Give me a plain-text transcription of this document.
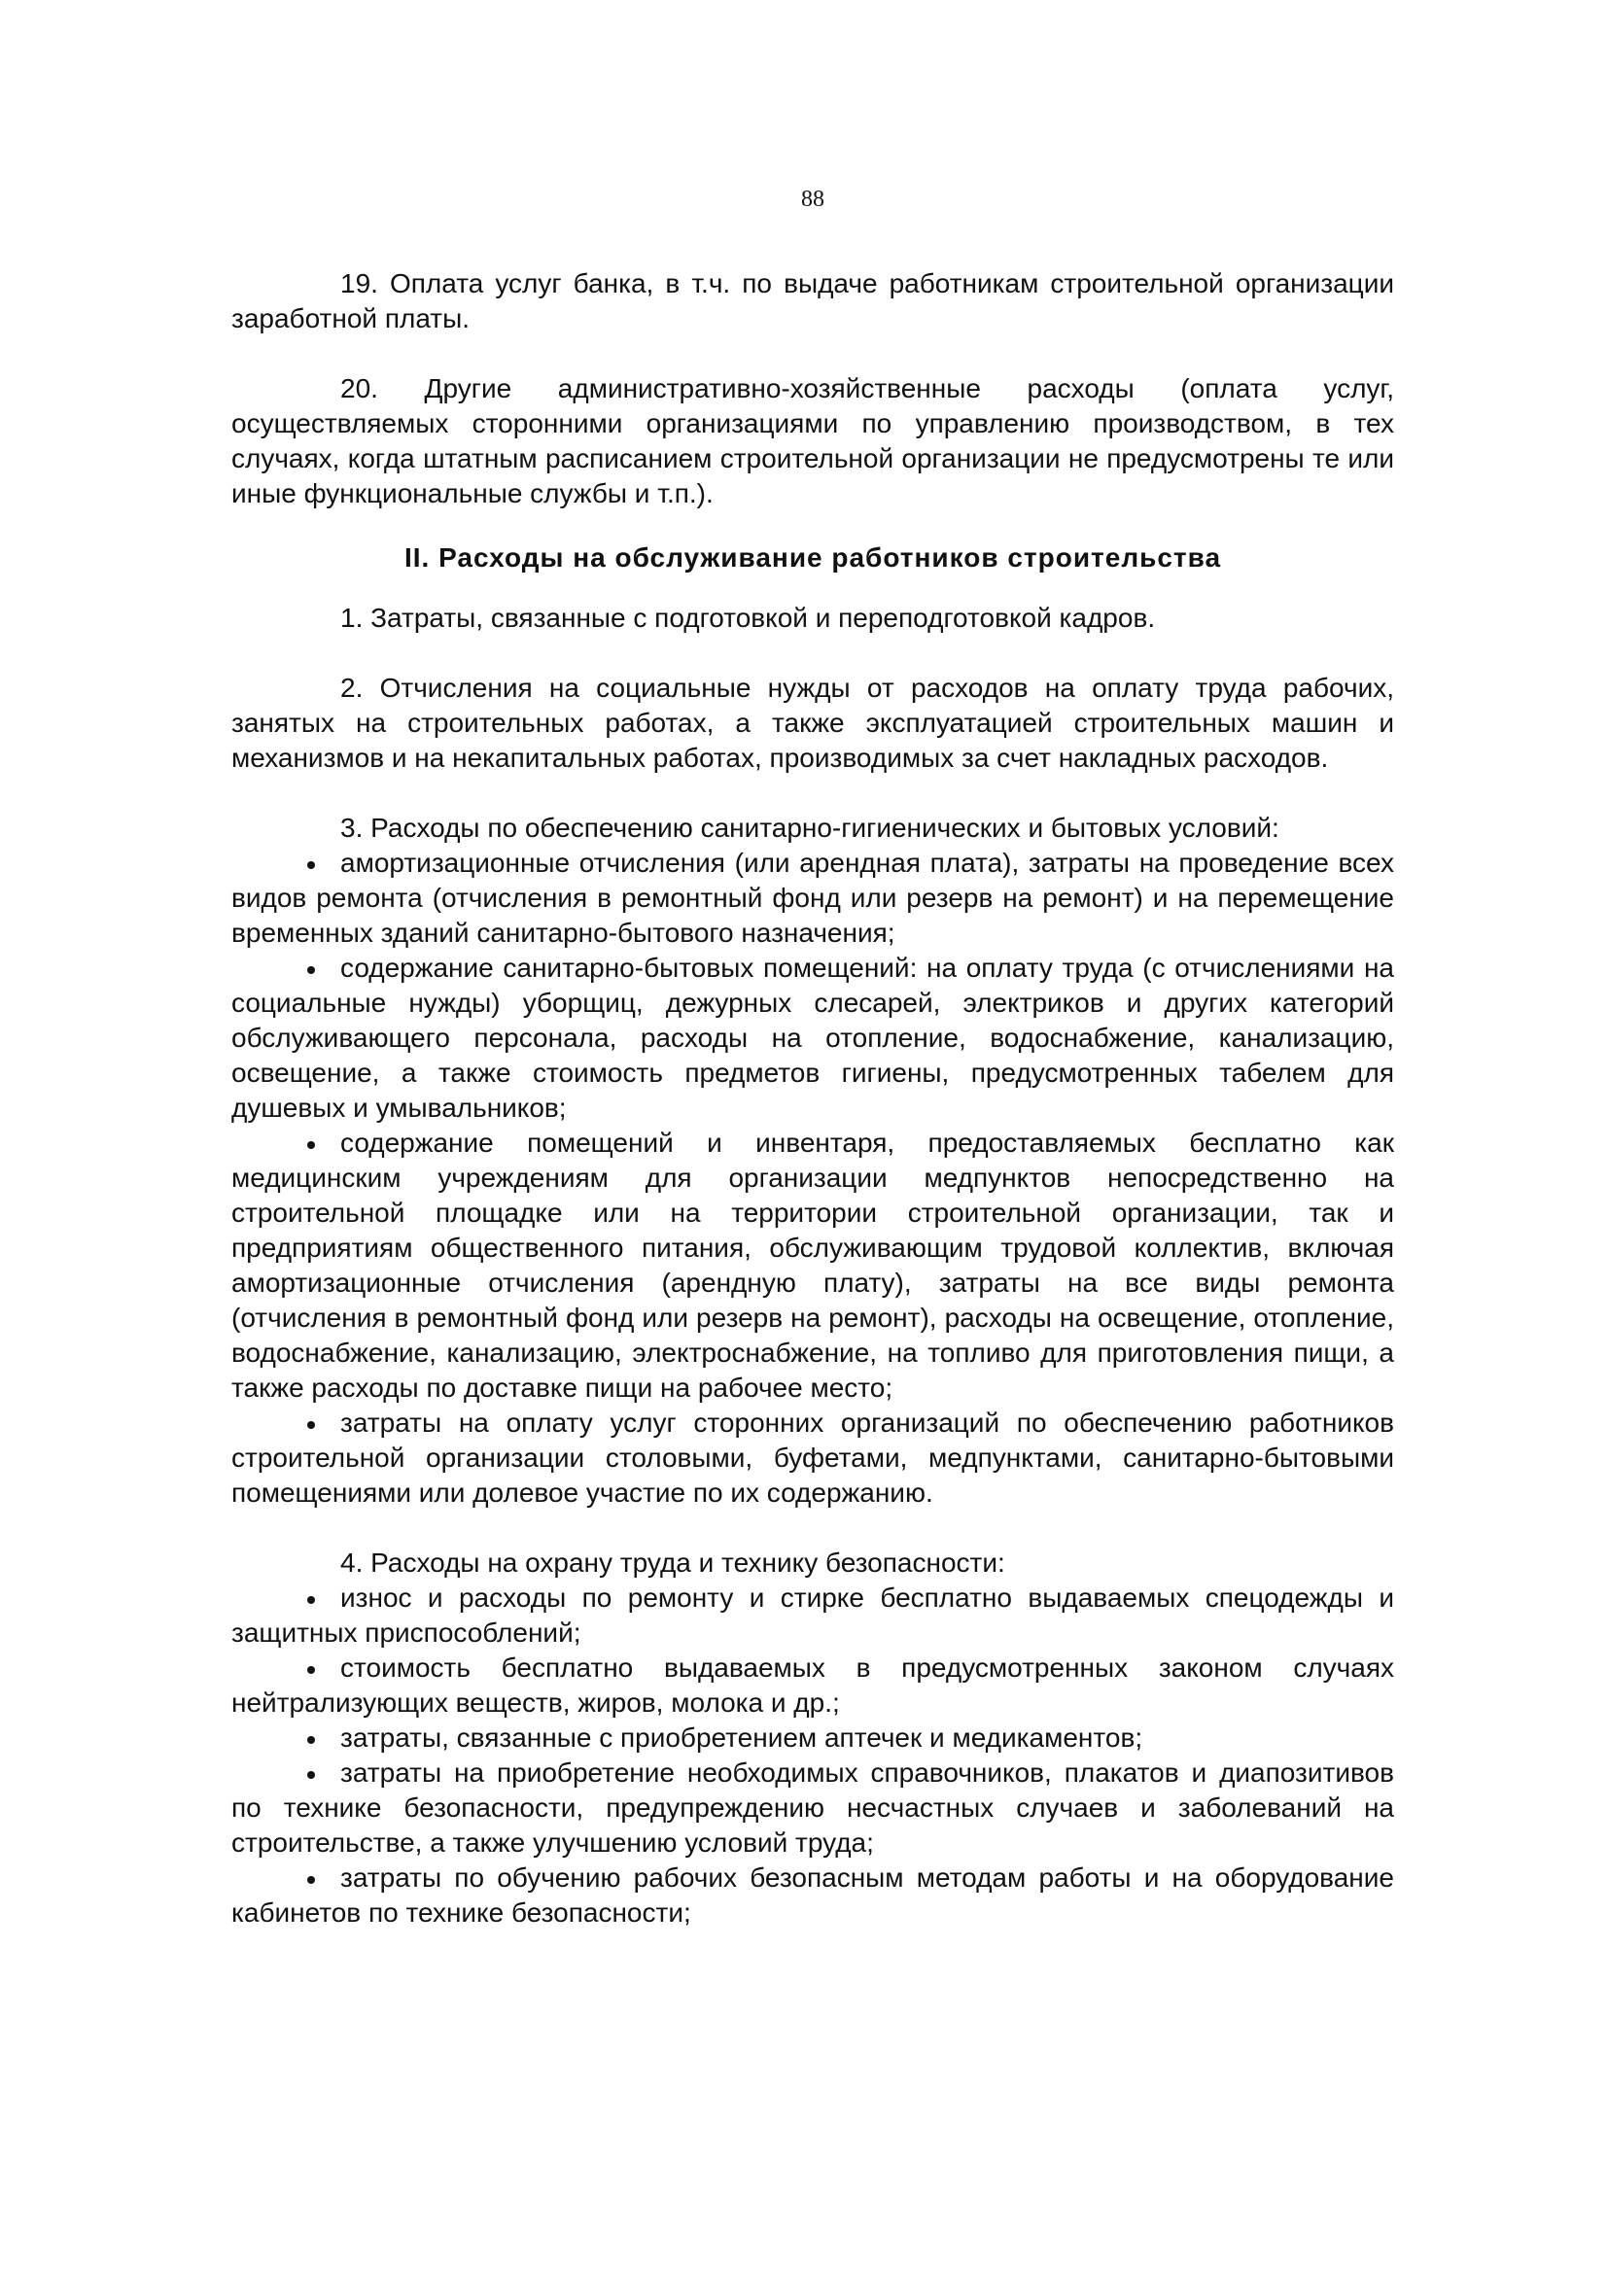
88

19. Оплата услуг банка, в т.ч. по выдаче работникам строительной организации заработной платы.

20. Другие административно-хозяйственные расходы (оплата услуг, осуществляемых сторонними организациями по управлению производством, в тех случаях, когда штатным расписанием строительной организации не предусмотрены те или иные функциональные службы и т.п.).

II. Расходы на обслуживание работников строительства

1. Затраты, связанные с подготовкой и переподготовкой кадров.

2. Отчисления на социальные нужды от расходов на оплату труда рабочих, занятых на строительных работах, а также эксплуатацией строительных машин и механизмов и на некапитальных работах, производимых за счет накладных расходов.

3. Расходы по обеспечению санитарно-гигиенических и бытовых условий:

амортизационные отчисления (или арендная плата), затраты на проведение всех видов ремонта (отчисления в ремонтный фонд или резерв на ремонт) и на перемещение временных зданий санитарно-бытового назначения;
содержание санитарно-бытовых помещений: на оплату труда (с отчислениями на социальные нужды) уборщиц, дежурных слесарей, электриков и других категорий обслуживающего персонала, расходы на отопление, водоснабжение, канализацию, освещение, а также стоимость предметов гигиены, предусмотренных табелем для душевых и умывальников;
содержание помещений и инвентаря, предоставляемых бесплатно как медицинским учреждениям для организации медпунктов непосредственно на строительной площадке или на территории строительной организации, так и предприятиям общественного питания, обслуживающим трудовой коллектив, включая амортизационные отчисления (арендную плату), затраты на все виды ремонта (отчисления в ремонтный фонд или резерв на ремонт), расходы на освещение, отопление, водоснабжение, канализацию, электроснабжение, на топливо для приготовления пищи, а также расходы по доставке пищи на рабочее место;
затраты на оплату услуг сторонних организаций по обеспечению работников строительной организации столовыми, буфетами, медпунктами, санитарно-бытовыми помещениями или долевое участие по их содержанию.

4. Расходы на охрану труда и технику безопасности:

износ и расходы по ремонту и стирке бесплатно выдаваемых спецодежды и защитных приспособлений;
стоимость бесплатно выдаваемых в предусмотренных законом случаях нейтрализующих веществ, жиров, молока и др.;
затраты, связанные с приобретением аптечек и медикаментов;
затраты на приобретение необходимых справочников, плакатов и диапозитивов по технике безопасности, предупреждению несчастных случаев и заболеваний на строительстве, а также улучшению условий труда;
затраты по обучению рабочих безопасным методам работы и на оборудование кабинетов по технике безопасности;
